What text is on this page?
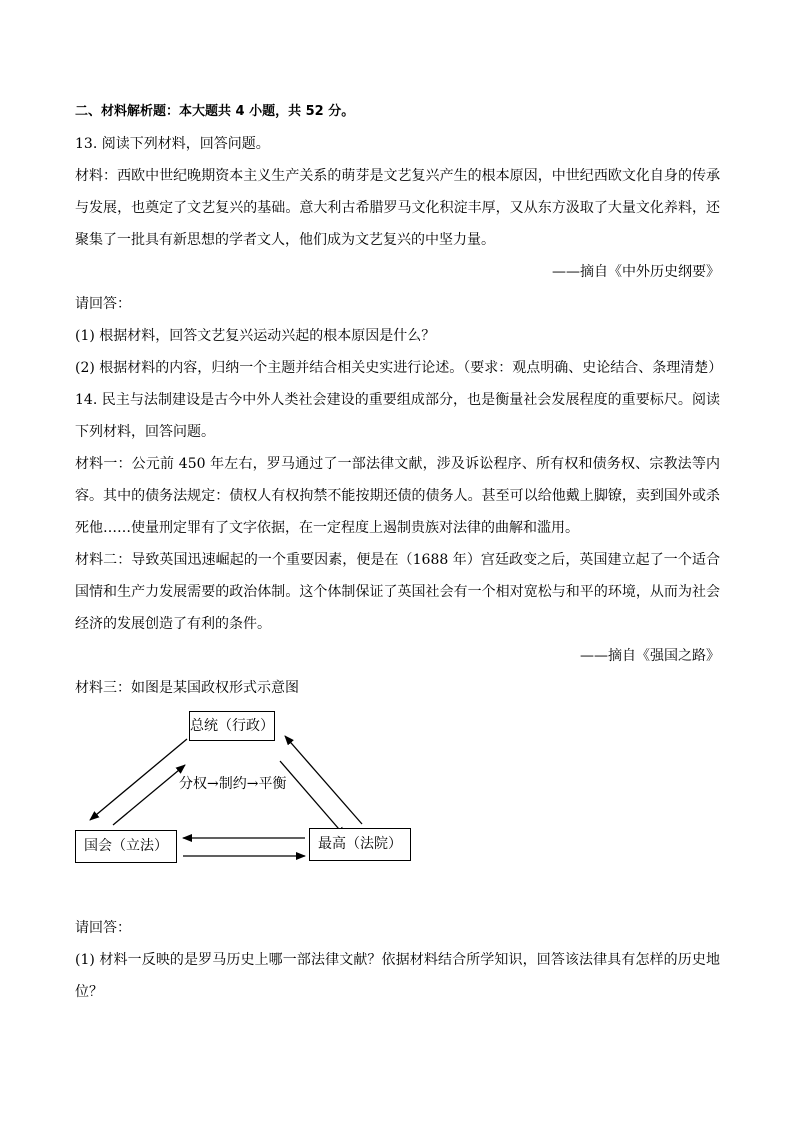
二、材料解析题：本大题共 4 小题，共 52 分。
13. 阅读下列材料，回答问题。
材料：西欧中世纪晚期资本主义生产关系的萌芽是文艺复兴产生的根本原因，中世纪西欧文化自身的传承与发展，也奠定了文艺复兴的基础。意大利古希腊罗马文化积淀丰厚，又从东方汲取了大量文化养料，还聚集了一批具有新思想的学者文人，他们成为文艺复兴的中坚力量。
——摘自《中外历史纲要》
请回答：
(1) 根据材料，回答文艺复兴运动兴起的根本原因是什么？
(2) 根据材料的内容，归纳一个主题并结合相关史实进行论述。（要求：观点明确、史论结合、条理清楚）
14. 民主与法制建设是古今中外人类社会建设的重要组成部分，也是衡量社会发展程度的重要标尺。阅读下列材料，回答问题。
材料一：公元前 450 年左右，罗马通过了一部法律文献，涉及诉讼程序、所有权和债务权、宗教法等内容。其中的债务法规定：债权人有权拘禁不能按期还债的债务人。甚至可以给他戴上脚镣，卖到国外或杀死他……使量刑定罪有了文字依据，在一定程度上遏制贵族对法律的曲解和滥用。
材料二：导致英国迅速崛起的一个重要因素，便是在（1688 年）宫廷政变之后，英国建立起了一个适合国情和生产力发展需要的政治体制。这个体制保证了英国社会有一个相对宽松与和平的环境，从而为社会经济的发展创造了有利的条件。
——摘自《强国之路》
材料三：如图是某国政权形式示意图
总统（行政）
国会（立法）	最高（法院）
分权→制约→平衡
请回答：
(1) 材料一反映的是罗马历史上哪一部法律文献？依据材料结合所学知识，回答该法律具有怎样的历史地位？
